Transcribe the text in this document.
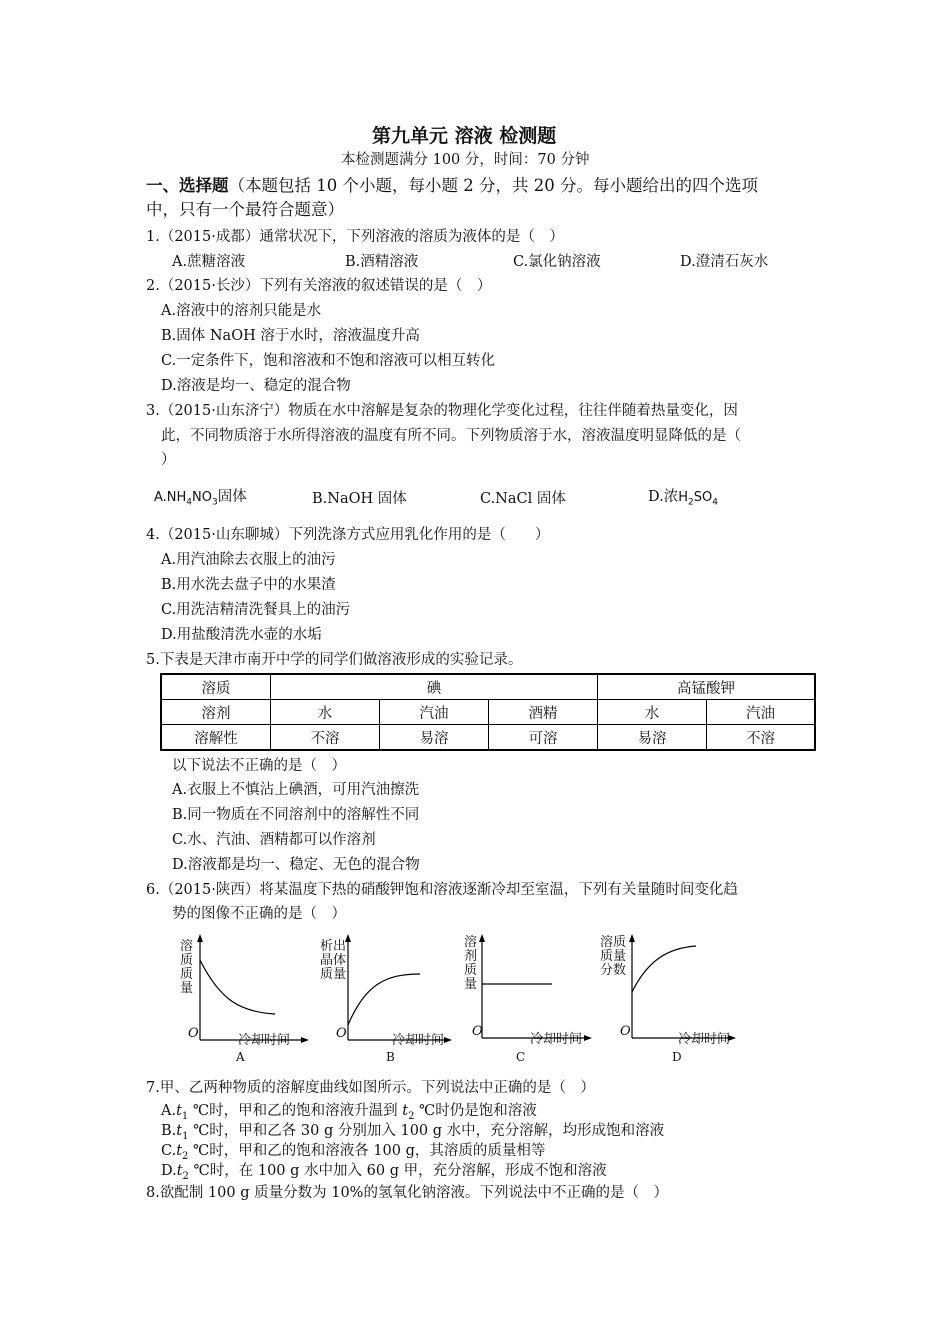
第九单元 溶液 检测题
本检测题满分 100 分，时间：70 分钟
一、选择题（本题包括 10 个小题，每小题 2 分，共 20 分。每小题给出的四个选项
中，只有一个最符合题意）
1.（2015·成都）通常状况下，下列溶液的溶质为液体的是（　）
A.蔗糖溶液	B.酒精溶液	C.氯化钠溶液	D.澄清石灰水
2.（2015·长沙）下列有关溶液的叙述错误的是（　）
A.溶液中的溶剂只能是水
B.固体 NaOH 溶于水时，溶液温度升高
C.一定条件下，饱和溶液和不饱和溶液可以相互转化
D.溶液是均一、稳定的混合物
3.（2015·山东济宁）物质在水中溶解是复杂的物理化学变化过程，往往伴随着热量变化，因
此，不同物质溶于水所得溶液的温度有所不同。下列物质溶于水，溶液温度明显降低的是（
）
$A.NH_4NO_3$固体	B.NaOH 固体	C.NaCl 固体	D.浓$H_2SO_4$
4.（2015·山东聊城）下列洗涤方式应用乳化作用的是（　　）
A.用汽油除去衣服上的油污
B.用水洗去盘子中的水果渣
C.用洗洁精清洗餐具上的油污
D.用盐酸清洗水壶的水垢
5.下表是天津市南开中学的同学们做溶液形成的实验记录。
溶质	碘			高锰酸钾	
溶剂	水	汽油	酒精	水	汽油
溶解性	不溶	易溶	可溶	易溶	不溶
以下说法不正确的是（　）
A.衣服上不慎沾上碘酒，可用汽油擦洗
B.同一物质在不同溶剂中的溶解性不同
C.水、汽油、酒精都可以作溶剂
D.溶液都是均一、稳定、无色的混合物
6.（2015·陕西）将某温度下热的硝酸钾饱和溶液逐渐冷却至室温，下列有关量随时间变化趋
势的图像不正确的是（　）
溶
质
质
量
O	冷却时间
A
析出
晶体
质量
O	冷却时间
B
溶
剂
质
量
O
冷却时间
C
溶质
质量
分数
O
冷却时间
D
7.甲、乙两种物质的溶解度曲线如图所示。下列说法中正确的是（　）
$A.t_1$ ℃时，甲和乙的饱和溶液升温到 $t_2$ ℃时仍是饱和溶液
$B.t_1$ ℃时，甲和乙各 30 g 分别加入 100 g 水中，充分溶解，均形成饱和溶液
$C.t_2$ ℃时，甲和乙的饱和溶液各 100 g，其溶质的质量相等
$D.t_2$ ℃时，在 100 g 水中加入 60 g 甲，充分溶解，形成不饱和溶液
8.欲配制 100 g 质量分数为 10%的氢氧化钠溶液。下列说法中不正确的是（　）
